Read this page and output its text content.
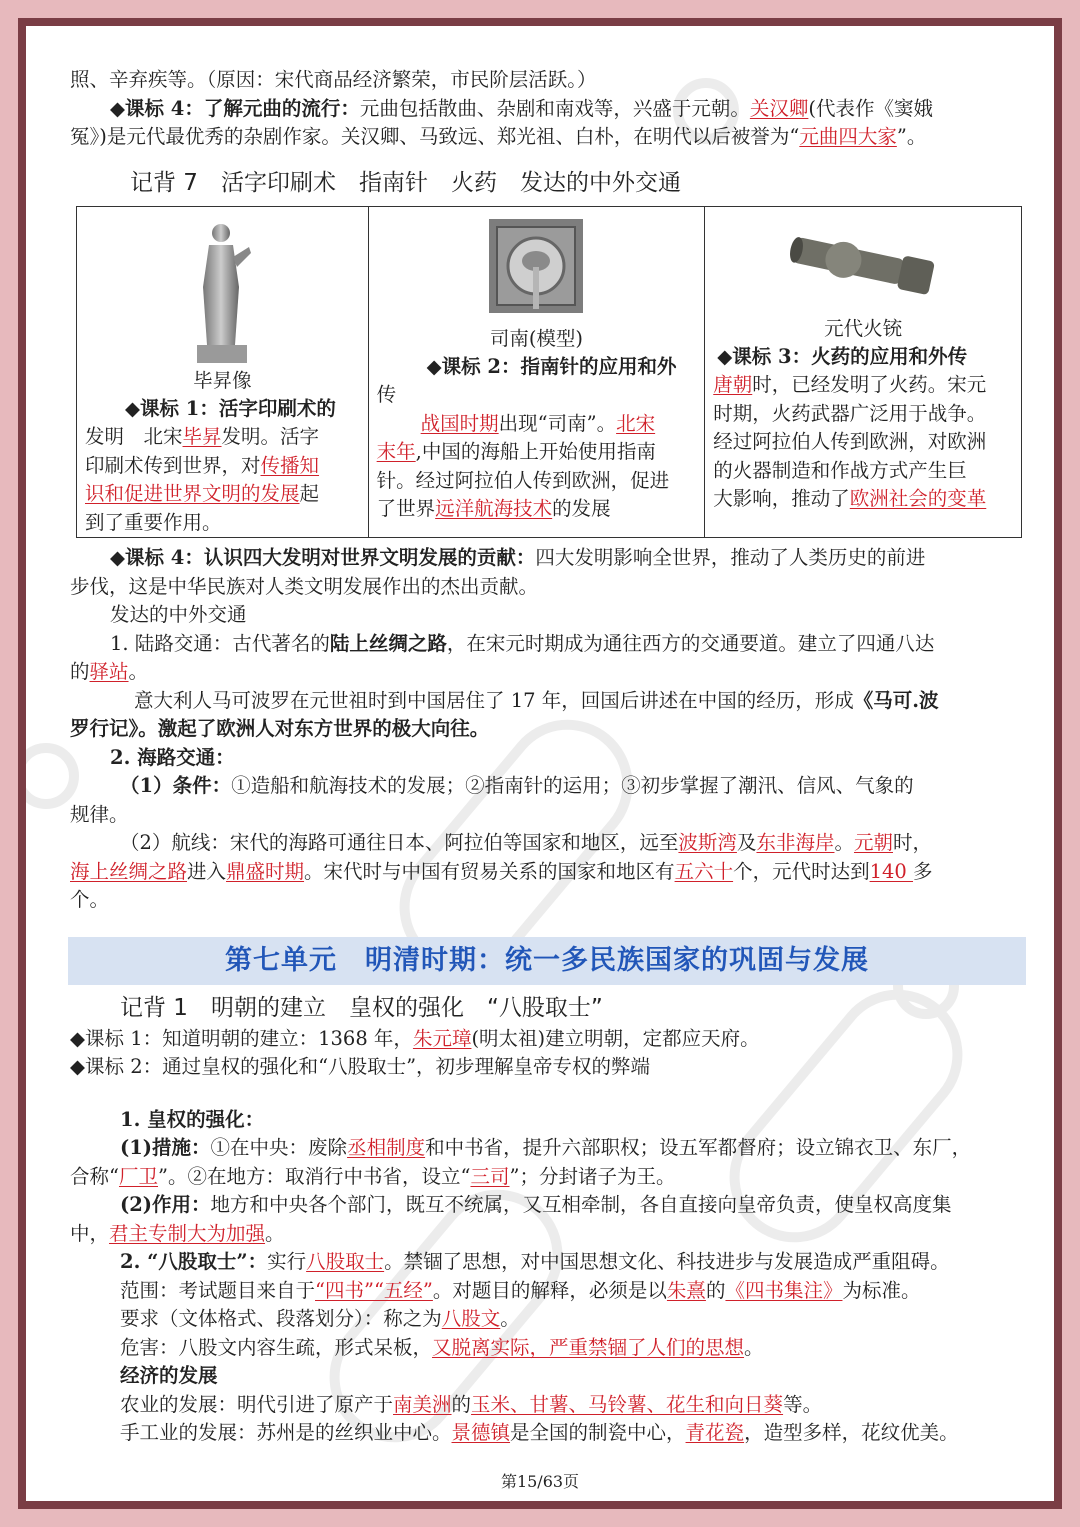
照、辛弃疾等。（原因：宋代商品经济繁荣，市民阶层活跃。）
◆课标 4：了解元曲的流行：元曲包括散曲、杂剧和南戏等，兴盛于元朝。关汉卿(代表作《窦娥
冤》)是元代最优秀的杂剧作家。关汉卿、马致远、郑光祖、白朴，在明代以后被誉为“元曲四大家”。
记背 7　活字印刷术　指南针　火药　发达的中外交通
毕昇像
◆课标 1：活字印刷术的
发明　北宋毕昇发明。活字
印刷术传到世界，对传播知
识和促进世界文明的发展起
到了重要作用。

司南(模型)
◆课标 2：指南针的应用和外
传
战国时期出现“司南”。北宋
末年,中国的海船上开始使用指南
针。经过阿拉伯人传到欧洲，促进
了世界远洋航海技术的发展

元代火铳
◆课标 3：火药的应用和外传
唐朝时，已经发明了火药。宋元
时期，火药武器广泛用于战争。
经过阿拉伯人传到欧洲，对欧洲
的火器制造和作战方式产生巨
大影响，推动了欧洲社会的变革
◆课标 4：认识四大发明对世界文明发展的贡献：四大发明影响全世界，推动了人类历史的前进
步伐，这是中华民族对人类文明发展作出的杰出贡献。
发达的中外交通
1. 陆路交通：古代著名的陆上丝绸之路，在宋元时期成为通往西方的交通要道。建立了四通八达
的驿站。
意大利人马可波罗在元世祖时到中国居住了 17 年，回国后讲述在中国的经历，形成《马可.波
罗行记》。激起了欧洲人对东方世界的极大向往。
2. 海路交通：
（1）条件：①造船和航海技术的发展；②指南针的运用；③初步掌握了潮汛、信风、气象的
规律。
（2）航线：宋代的海路可通往日本、阿拉伯等国家和地区，远至波斯湾及东非海岸。元朝时，
海上丝绸之路进入鼎盛时期。宋代时与中国有贸易关系的国家和地区有五六十个，元代时达到140 多
个。
第七单元　明清时期：统一多民族国家的巩固与发展
记背 1　明朝的建立　皇权的强化　“八股取士”
◆课标 1：知道明朝的建立：1368 年，朱元璋(明太祖)建立明朝，定都应天府。
◆课标 2：通过皇权的强化和“八股取士”，初步理解皇帝专权的弊端
1. 皇权的强化：
(1)措施：①在中央：废除丞相制度和中书省，提升六部职权；设五军都督府；设立锦衣卫、东厂，
合称“厂卫”。②在地方：取消行中书省，设立“三司”；分封诸子为王。
(2)作用：地方和中央各个部门，既互不统属，又互相牵制，各自直接向皇帝负责，使皇权高度集
中，君主专制大为加强。
2. “八股取士”：实行八股取士。禁锢了思想，对中国思想文化、科技进步与发展造成严重阻碍。
范围：考试题目来自于“四书”“五经”。对题目的解释，必须是以朱熹的《四书集注》为标准。
要求（文体格式、段落划分）：称之为八股文。
危害：八股文内容生疏，形式呆板，又脱离实际，严重禁锢了人们的思想。
经济的发展
农业的发展：明代引进了原产于南美洲的玉米、甘薯、马铃薯、花生和向日葵等。
手工业的发展：苏州是的丝织业中心。景德镇是全国的制瓷中心，青花瓷，造型多样，花纹优美。
第15/63页
